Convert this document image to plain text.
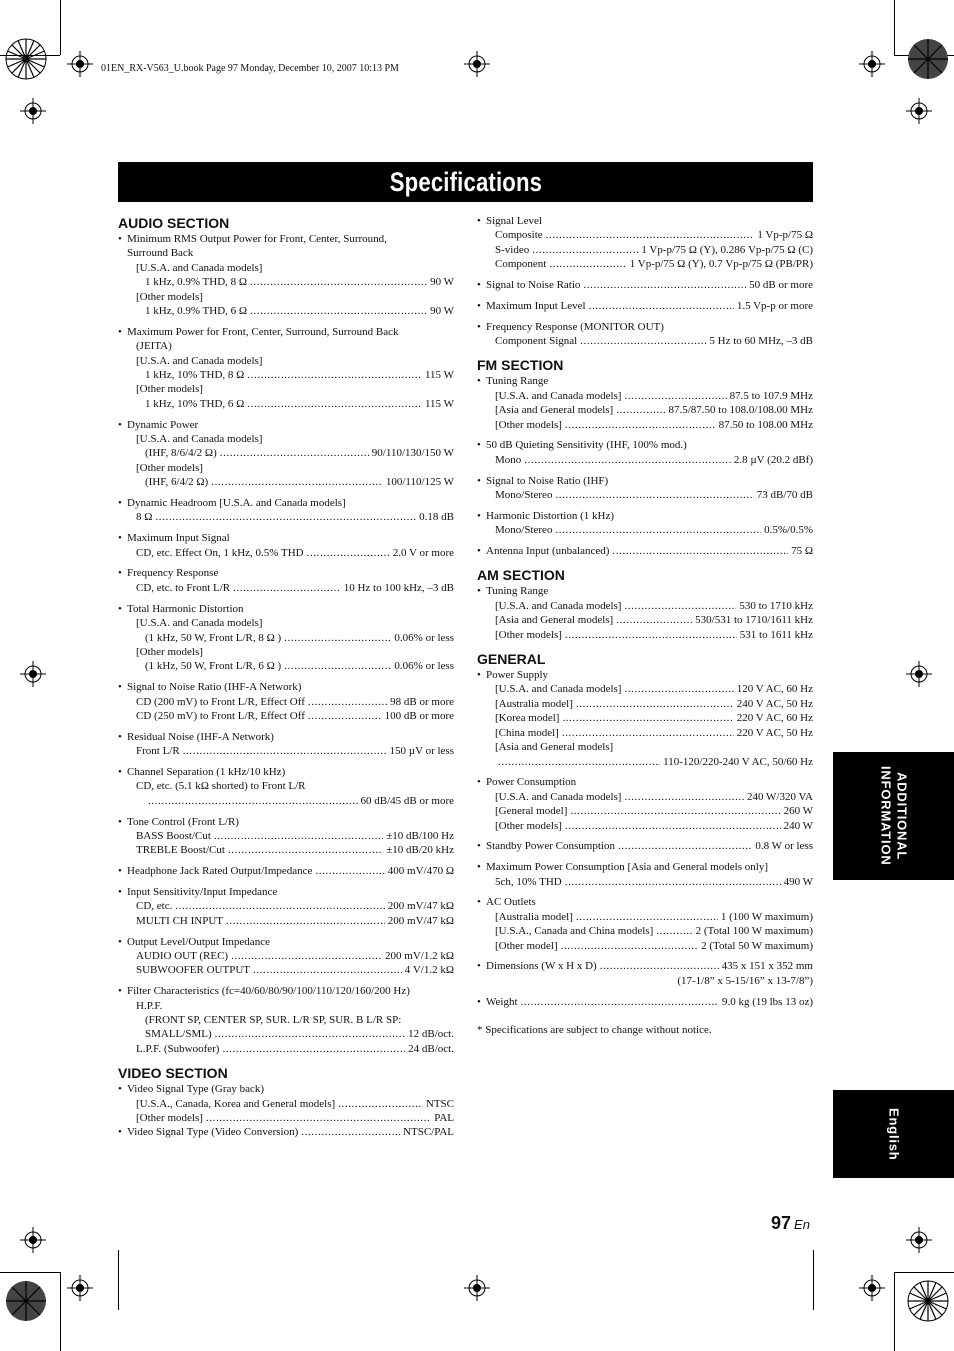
01EN_RX-V563_U.book Page 97 Monday, December 10, 2007 10:13 PM
Specifications
AUDIO SECTION
• Minimum RMS Output Power for Front, Center, Surround,
Surround Back
[U.S.A. and Canada models]
1 kHz, 0.9% THD, 8 Ω .....	90 W
[Other models]
1 kHz, 0.9% THD, 6 Ω .....	90 W
• Maximum Power for Front, Center, Surround, Surround Back
(JEITA)
[U.S.A. and Canada models]
1 kHz, 10% THD, 8 Ω .....	115 W
[Other models]
1 kHz, 10% THD, 6 Ω .....	115 W
• Dynamic Power
[U.S.A. and Canada models]
(IHF, 8/6/4/2 Ω) .....	90/110/130/150 W
[Other models]
(IHF, 6/4/2 Ω) .....	100/110/125 W
• Dynamic Headroom [U.S.A. and Canada models]
8 Ω .....	0.18 dB
• Maximum Input Signal
CD, etc. Effect On, 1 kHz, 0.5% THD .....	2.0 V or more
• Frequency Response
CD, etc. to Front L/R .....	10 Hz to 100 kHz, –3 dB
• Total Harmonic Distortion
[U.S.A. and Canada models]
(1 kHz, 50 W, Front L/R, 8 Ω ) .....	0.06% or less
[Other models]
(1 kHz, 50 W, Front L/R, 6 Ω ) .....	0.06% or less
• Signal to Noise Ratio (IHF-A Network)
CD (200 mV) to Front L/R, Effect Off .....	98 dB or more
CD (250 mV) to Front L/R, Effect Off .....	100 dB or more
• Residual Noise (IHF-A Network)
Front L/R .....	150 µV or less
• Channel Separation (1 kHz/10 kHz)
CD, etc. (5.1 kΩ shorted) to Front L/R
.....
60 dB/45 dB or more
• Tone Control (Front L/R)
BASS Boost/Cut .....	±10 dB/100 Hz
TREBLE Boost/Cut .....	±10 dB/20 kHz
• Headphone Jack Rated Output/Impedance .....	400 mV/470 Ω
• Input Sensitivity/Input Impedance
CD, etc. .....	200 mV/47 kΩ
MULTI CH INPUT .....	200 mV/47 kΩ
• Output Level/Output Impedance
AUDIO OUT (REC) .....	200 mV/1.2 kΩ
SUBWOOFER OUTPUT .....	4 V/1.2 kΩ
• Filter Characteristics (fc=40/60/80/90/100/110/120/160/200 Hz)
H.P.F.
(FRONT SP, CENTER SP, SUR. L/R SP, SUR. B L/R SP:
SMALL/SML) .....	12 dB/oct.
L.P.F. (Subwoofer) .....	24 dB/oct.
VIDEO SECTION
• Video Signal Type (Gray back)
[U.S.A., Canada, Korea and General models] .....	NTSC
[Other models] .....	PAL
• Video Signal Type (Video Conversion) .....	NTSC/PAL
• Signal Level
Composite .....	1 Vp-p/75 Ω
S-video .....	1 Vp-p/75 Ω (Y), 0.286 Vp-p/75 Ω (C)
Component .....	1 Vp-p/75 Ω (Y), 0.7 Vp-p/75 Ω (PB/PR)
• Signal to Noise Ratio .....	50 dB or more
• Maximum Input Level .....	1.5 Vp-p or more
• Frequency Response (MONITOR OUT)
Component Signal .....	5 Hz to 60 MHz, –3 dB
FM SECTION
• Tuning Range
[U.S.A. and Canada models] .....	87.5 to 107.9 MHz
[Asia and General models] .....	87.5/87.50 to 108.0/108.00 MHz
[Other models] .....	87.50 to 108.00 MHz
• 50 dB Quieting Sensitivity (IHF, 100% mod.)
Mono .....	2.8 µV (20.2 dBf)
• Signal to Noise Ratio (IHF)
Mono/Stereo .....	73 dB/70 dB
• Harmonic Distortion (1 kHz)
Mono/Stereo .....	0.5%/0.5%
• Antenna Input (unbalanced) .....	75 Ω
AM SECTION
• Tuning Range
[U.S.A. and Canada models] .....	530 to 1710 kHz
[Asia and General models] .....	530/531 to 1710/1611 kHz
[Other models] .....	531 to 1611 kHz
GENERAL
• Power Supply
[U.S.A. and Canada models] .....	120 V AC, 60 Hz
[Australia model] .....	240 V AC, 50 Hz
[Korea model] .....	220 V AC, 60 Hz
[China model] .....	220 V AC, 50 Hz
[Asia and General models]
.....
110-120/220-240 V AC, 50/60 Hz
• Power Consumption
[U.S.A. and Canada models] .....	240 W/320 VA
[General model] .....	260 W
[Other models] .....	240 W
• Standby Power Consumption .....	0.8 W or less
• Maximum Power Consumption [Asia and General models only]
5ch, 10% THD .....	490 W
• AC Outlets
[Australia model] .....	1 (100 W maximum)
[U.S.A., Canada and China models] .....	2 (Total 100 W maximum)
[Other model] .....	2 (Total 50 W maximum)
• Dimensions (W x H x D) .....	435 x 151 x 352 mm
(17-1/8” x 5-15/16” x 13-7/8”)
• Weight .....	9.0 kg (19 lbs 13 oz)
* Specifications are subject to change without notice.
ADDITIONAL
INFORMATION
English
97 En
